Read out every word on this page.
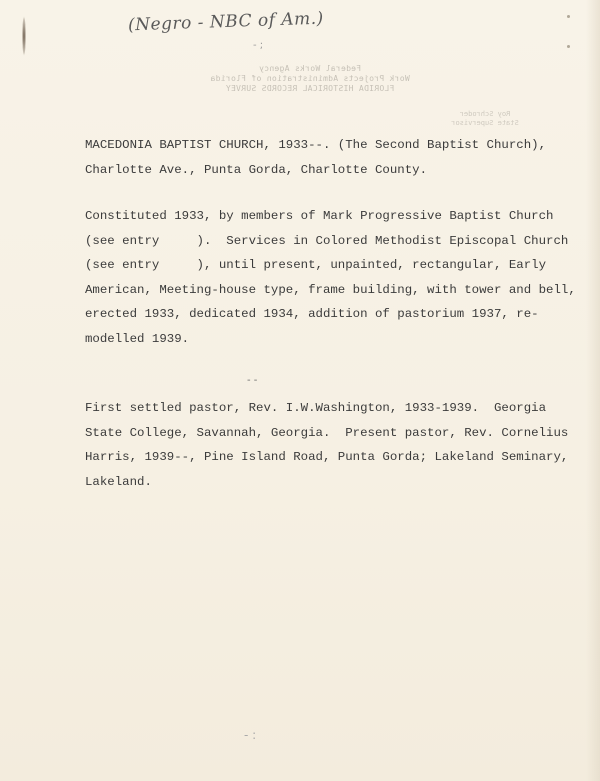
(Negro - NBC of Am.)
- ;
Federal Works Agency
Work Projects Administration of Florida
FLORIDA HISTORICAL RECORDS SURVEY
Roy Schroder
State Supervisor

MACEDONIA BAPTIST CHURCH, 1933--. (The Second Baptist Church),
Charlotte Ave., Punta Gorda, Charlotte County.

Constituted 1933, by members of Mark Progressive Baptist Church
(see entry     ).  Services in Colored Methodist Episcopal Church
(see entry     ), until present, unpainted, rectangular, Early
American, Meeting-house type, frame building, with tower and bell,
erected 1933, dedicated 1934, addition of pastorium 1937, re-
modelled 1939.

- -

First settled pastor, Rev. I.W.Washington, 1933-1939.  Georgia
State College, Savannah, Georgia.  Present pastor, Rev. Cornelius
Harris, 1939--, Pine Island Road, Punta Gorda; Lakeland Seminary,
Lakeland.

- :
